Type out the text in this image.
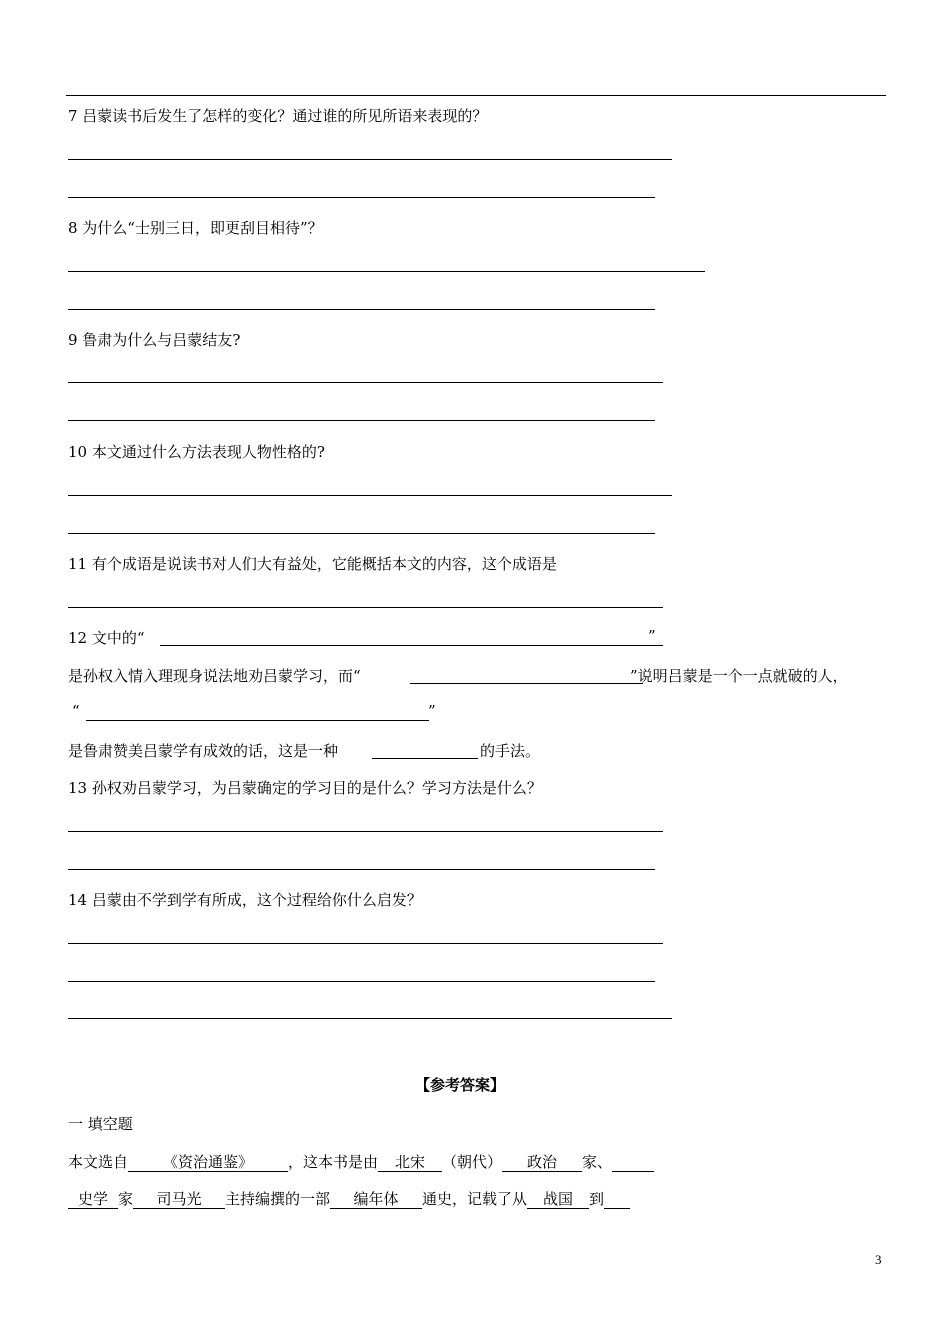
7 吕蒙读书后发生了怎样的变化？通过谁的所见所语来表现的？
8 为什么“士别三日，即更刮目相待”？
9 鲁肃为什么与吕蒙结友?
10 本文通过什么方法表现人物性格的?
11 有个成语是说读书对人们大有益处，它能概括本文的内容，这个成语是
12 文中的“	”
是孙权入情入理现身说法地劝吕蒙学习，而“	”说明吕蒙是一个一点就破的人，
“	”
是鲁肃赞美吕蒙学有成效的话，这是一种	的手法。
13 孙权劝吕蒙学习，为吕蒙确定的学习目的是什么？学习方法是什么？
14 吕蒙由不学到学有所成，这个过程给你什么启发？
【参考答案】
一 填空题
本文选自 《资治通鉴》 ，这本书是由 北宋 （朝代） 政治 家、
史学 家 司马光 主持编撰的一部 编年体 通史，记载了从 战国 到
3
